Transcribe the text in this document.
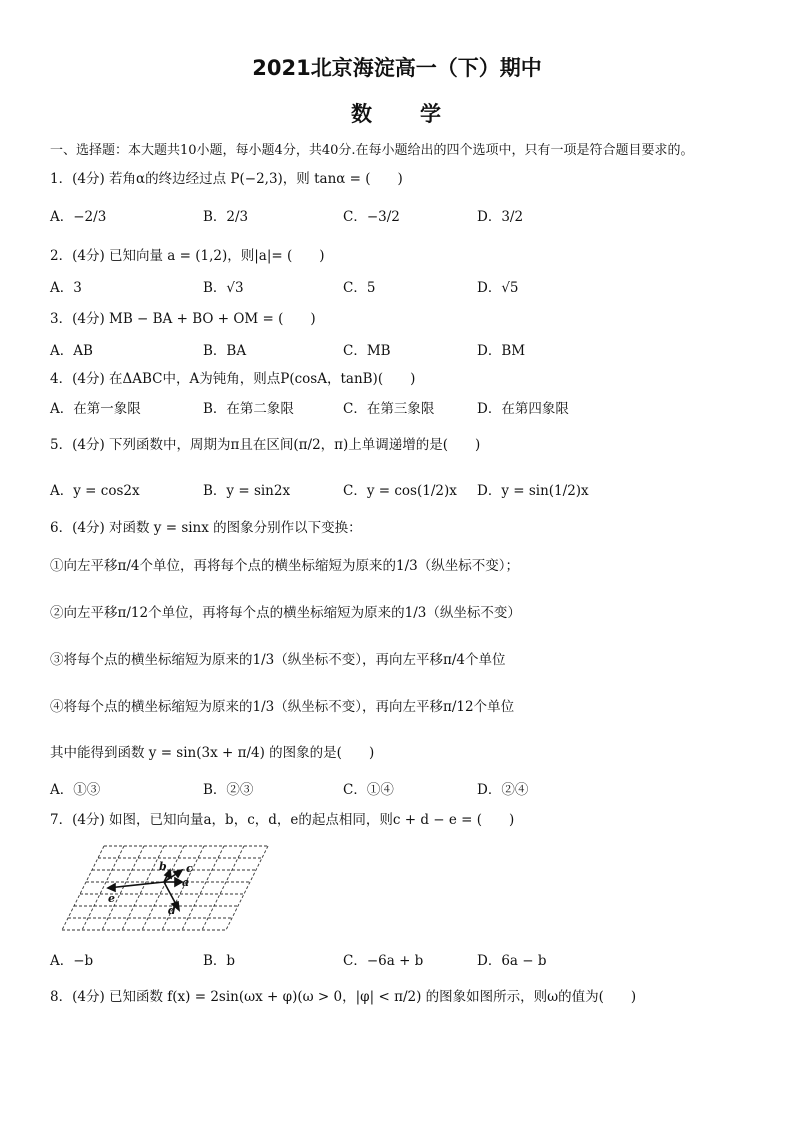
2021北京海淀高一（下）期中
数　　学
一、选择题：本大题共10小题，每小题4分，共40分.在每小题给出的四个选项中，只有一项是符合题目要求的。
1．(4分) 若角α的终边经过点 P(−2,3)，则 tanα = (　　)
A．−2/3	B．2/3	C．−3/2	D．3/2
2．(4分) 已知向量 a = (1,2)，则|a|= (　　)
A．3	B．√3	C．5	D．√5
3．(4分) MB − BA + BO + OM = (　　)
A．AB	B．BA	C．MB	D．BM
4．(4分) 在ΔABC中，A为钝角，则点P(cosA，tanB)(　　)
A．在第一象限	B．在第二象限	C．在第三象限	D．在第四象限
5．(4分) 下列函数中，周期为π且在区间(π/2，π)上单调递增的是(　　)
A．y = cos2x	B．y = sin2x	C．y = cos(1/2)x D．y = sin(1/2)x
6．(4分) 对函数 y = sinx 的图象分别作以下变换：
①向左平移π/4个单位，再将每个点的横坐标缩短为原来的1/3（纵坐标不变）；
②向左平移π/12个单位，再将每个点的横坐标缩短为原来的1/3（纵坐标不变）
③将每个点的横坐标缩短为原来的1/3（纵坐标不变），再向左平移π/4个单位
④将每个点的横坐标缩短为原来的1/3（纵坐标不变），再向左平移π/12个单位
其中能得到函数 y = sin(3x + π/4) 的图象的是(　　)
A．①③	B．②③	C．①④	D．②④
7．(4分) 如图，已知向量a，b，c，d，e的起点相同，则c + d − e = (　　)
b c
a
e
d
A．−b	B．b	C．−6a + b	D．6a − b
8．(4分) 已知函数 f(x) = 2sin(ωx + φ)(ω > 0，|φ| < π/2) 的图象如图所示，则ω的值为(　　)
